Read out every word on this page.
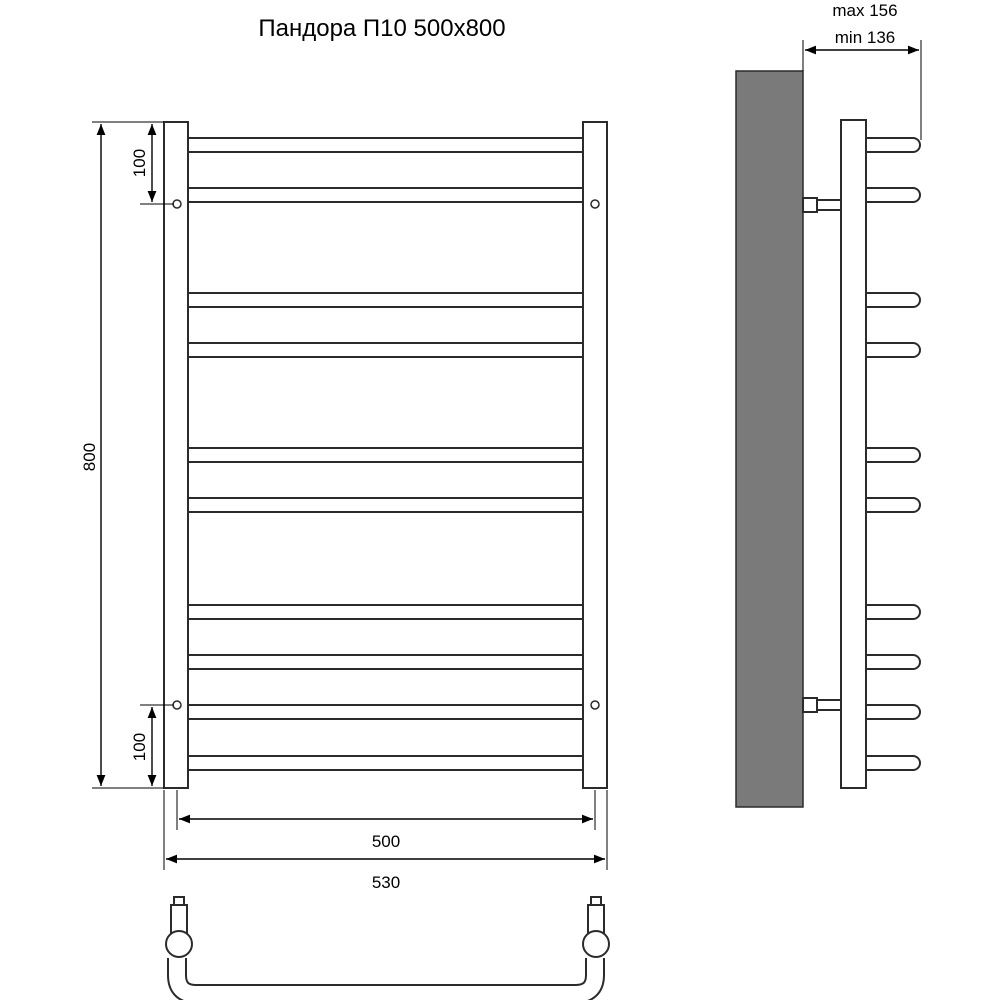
Пандора П10 500х800
800
100
100
500
530
max 156
min 136
